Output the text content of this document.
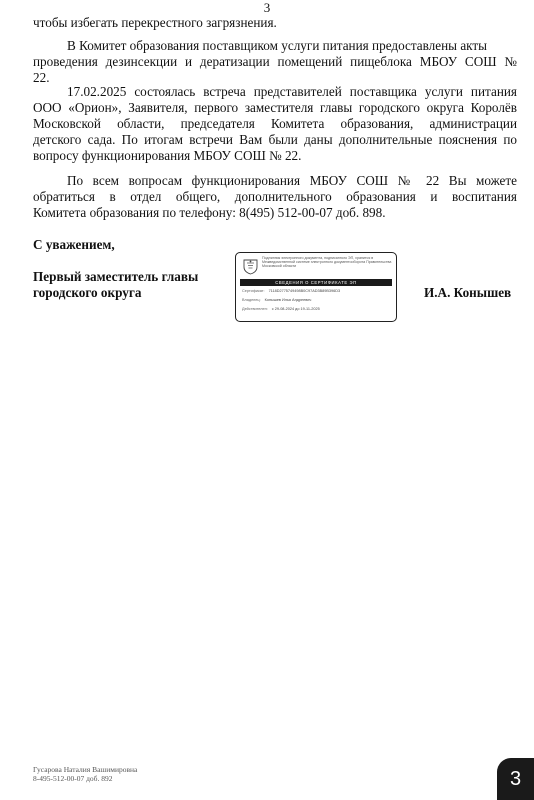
3
чтобы избегать перекрестного загрязнения.
В Комитет образования поставщиком услуги питания предоставлены акты
проведения дезинсекции и дератизации помещений пищеблока МБОУ СОШ №
22.
17.02.2025 состоялась встреча представителей поставщика услуги питания
ООО «Орион», Заявителя, первого заместителя главы городского округа Королёв
Московской области, председателя Комитета образования, администрации
детского сада. По итогам встречи Вам были даны дополнительные пояснения по
вопросу функционирования МБОУ СОШ № 22.
По всем вопросам функционирования МБОУ СОШ № 22 Вы можете
обратиться в отдел общего, дополнительного образования и воспитания
Комитета образования по телефону: 8(495) 512-00-07 доб. 898.
С уважением,
Первый заместитель главы
городского округа
Подлинник электронного документа, подписанного ЭП, хранится в Межведомственной системе электронного документооборота Правительства Московской области
СВЕДЕНИЯ О СЕРТИФИКАТЕ ЭП
Сертификат: 7118D2775749498B0C97AD3B89B396D3
Владелец: Конышев Илья Андреевич
Действителен: с 29-08-2024 до 19-11-2025
И.А. Конышев
Гусарова Наталия Вашимировна
8-495-512-00-07 доб. 892	3
